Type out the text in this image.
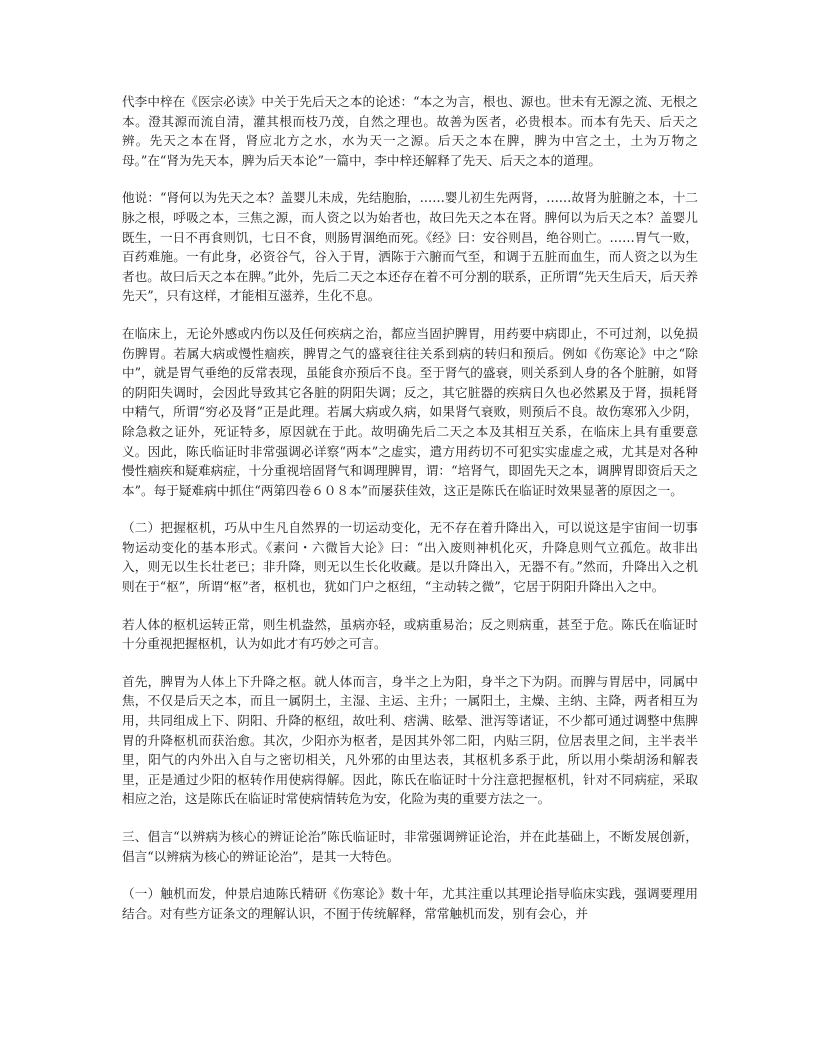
代李中梓在《医宗必读》中关于先后天之本的论述：“本之为言，根也、源也。世未有无源之流、无根之本。澄其源而流自清，灌其根而枝乃茂，自然之理也。故善为医者，必贵根本。而本有先天、后天之辨。先天之本在肾，肾应北方之水，水为天一之源。后天之本在脾，脾为中宫之土，土为万物之母。”在“肾为先天本，脾为后天本论”一篇中，李中梓还解释了先天、后天之本的道理。

他说：“肾何以为先天之本？盖婴儿未成，先结胞胎，……婴儿初生先两肾，……故肾为脏腑之本，十二脉之根，呼吸之本，三焦之源，而人资之以为始者也，故曰先天之本在肾。脾何以为后天之本？盖婴儿既生，一日不再食则饥，七日不食，则肠胃涸绝而死。《经》曰：安谷则昌，绝谷则亡。……胃气一败，百药难施。一有此身，必资谷气，谷入于胃，洒陈于六腑而气至，和调于五脏而血生，而人资之以为生者也。故曰后天之本在脾。”此外，先后二天之本还存在着不可分割的联系，正所谓“先天生后天，后天养先天”，只有这样，才能相互滋养，生化不息。

在临床上，无论外感或内伤以及任何疾病之治，都应当固护脾胃，用药要中病即止，不可过剂，以免损伤脾胃。若属大病或慢性痼疾，脾胃之气的盛衰往往关系到病的转归和预后。例如《伤寒论》中之“除中”，就是胃气垂绝的反常表现，虽能食亦预后不良。至于肾气的盛衰，则关系到人身的各个脏腑，如肾的阴阳失调时，会因此导致其它各脏的阴阳失调；反之，其它脏器的疾病日久也必然累及于肾，损耗肾中精气，所谓“穷必及肾”正是此理。若属大病或久病，如果肾气衰败，则预后不良。故伤寒邪入少阴，除急救之证外，死证特多，原因就在于此。故明确先后二天之本及其相互关系，在临床上具有重要意义。因此，陈氏临证时非常强调必详察“两本”之虚实，遣方用药切不可犯实实虚虚之戒，尤其是对各种慢性痼疾和疑难病症，十分重视培固肾气和调理脾胃，谓：“培肾气，即固先天之本，调脾胃即资后天之本”。每于疑难病中抓住“两第四卷６０８本”而屡获佳效，这正是陈氏在临证时效果显著的原因之一。

（二）把握枢机，巧从中生凡自然界的一切运动变化，无不存在着升降出入，可以说这是宇宙间一切事物运动变化的基本形式。《素问・六微旨大论》曰：“出入废则神机化灭，升降息则气立孤危。故非出入，则无以生长壮老已；非升降，则无以生长化收藏。是以升降出入，无器不有。”然而，升降出入之机则在于“枢”，所谓“枢”者，枢机也，犹如门户之枢纽，“主动转之微”，它居于阴阳升降出入之中。

若人体的枢机运转正常，则生机盎然，虽病亦轻，或病重易治；反之则病重，甚至于危。陈氏在临证时十分重视把握枢机，认为如此才有巧妙之可言。

首先，脾胃为人体上下升降之枢。就人体而言，身半之上为阳，身半之下为阴。而脾与胃居中，同属中焦，不仅是后天之本，而且一属阴土，主湿、主运、主升；一属阳土，主燥、主纳、主降，两者相互为用，共同组成上下、阴阳、升降的枢纽，故吐利、痞满、眩晕、泄泻等诸证，不少都可通过调整中焦脾胃的升降枢机而获治愈。其次，少阳亦为枢者，是因其外邻二阳，内贴三阴，位居表里之间，主半表半里，阳气的内外出入自与之密切相关，凡外邪的由里达表，其枢机多系于此，所以用小柴胡汤和解表里，正是通过少阳的枢转作用使病得解。因此，陈氏在临证时十分注意把握枢机，针对不同病症，采取相应之治，这是陈氏在临证时常使病情转危为安，化险为夷的重要方法之一。

三、倡言“以辨病为核心的辨证论治”陈氏临证时，非常强调辨证论治，并在此基础上，不断发展创新，倡言“以辨病为核心的辨证论治”，是其一大特色。

（一）触机而发，仲景启迪陈氏精研《伤寒论》数十年，尤其注重以其理论指导临床实践，强调要理用结合。对有些方证条文的理解认识，不囿于传统解释，常常触机而发，别有会心，并
